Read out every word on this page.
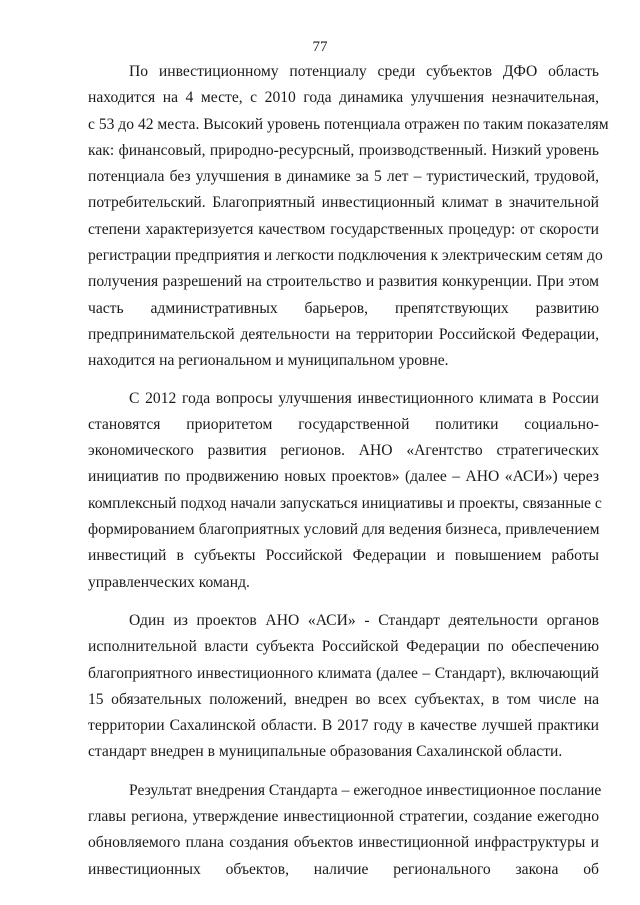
77
По инвестиционному потенциалу среди субъектов ДФО область
находится на 4 месте, с 2010 года динамика улучшения незначительная,
с 53 до 42 места. Высокий уровень потенциала отражен по таким показателям
как: финансовый, природно-ресурсный, производственный. Низкий уровень
потенциала без улучшения в динамике за 5 лет – туристический, трудовой,
потребительский. Благоприятный инвестиционный климат в значительной
степени характеризуется качеством государственных процедур: от скорости
регистрации предприятия и легкости подключения к электрическим сетям до
получения разрешений на строительство и развития конкуренции. При этом
часть административных барьеров, препятствующих развитию
предпринимательской деятельности на территории Российской Федерации,
находится на региональном и муниципальном уровне.
С 2012 года вопросы улучшения инвестиционного климата в России
становятся приоритетом государственной политики социально-
экономического развития регионов. АНО «Агентство стратегических
инициатив по продвижению новых проектов» (далее – АНО «АСИ») через
комплексный подход начали запускаться инициативы и проекты, связанные с
формированием благоприятных условий для ведения бизнеса, привлечением
инвестиций в субъекты Российской Федерации и повышением работы
управленческих команд.
Один из проектов АНО «АСИ» - Стандарт деятельности органов
исполнительной власти субъекта Российской Федерации по обеспечению
благоприятного инвестиционного климата (далее – Стандарт), включающий
15 обязательных положений, внедрен во всех субъектах, в том числе на
территории Сахалинской области. В 2017 году в качестве лучшей практики
стандарт внедрен в муниципальные образования Сахалинской области.
Результат внедрения Стандарта – ежегодное инвестиционное послание
главы региона, утверждение инвестиционной стратегии, создание ежегодно
обновляемого плана создания объектов инвестиционной инфраструктуры и
инвестиционных объектов, наличие регионального закона об
